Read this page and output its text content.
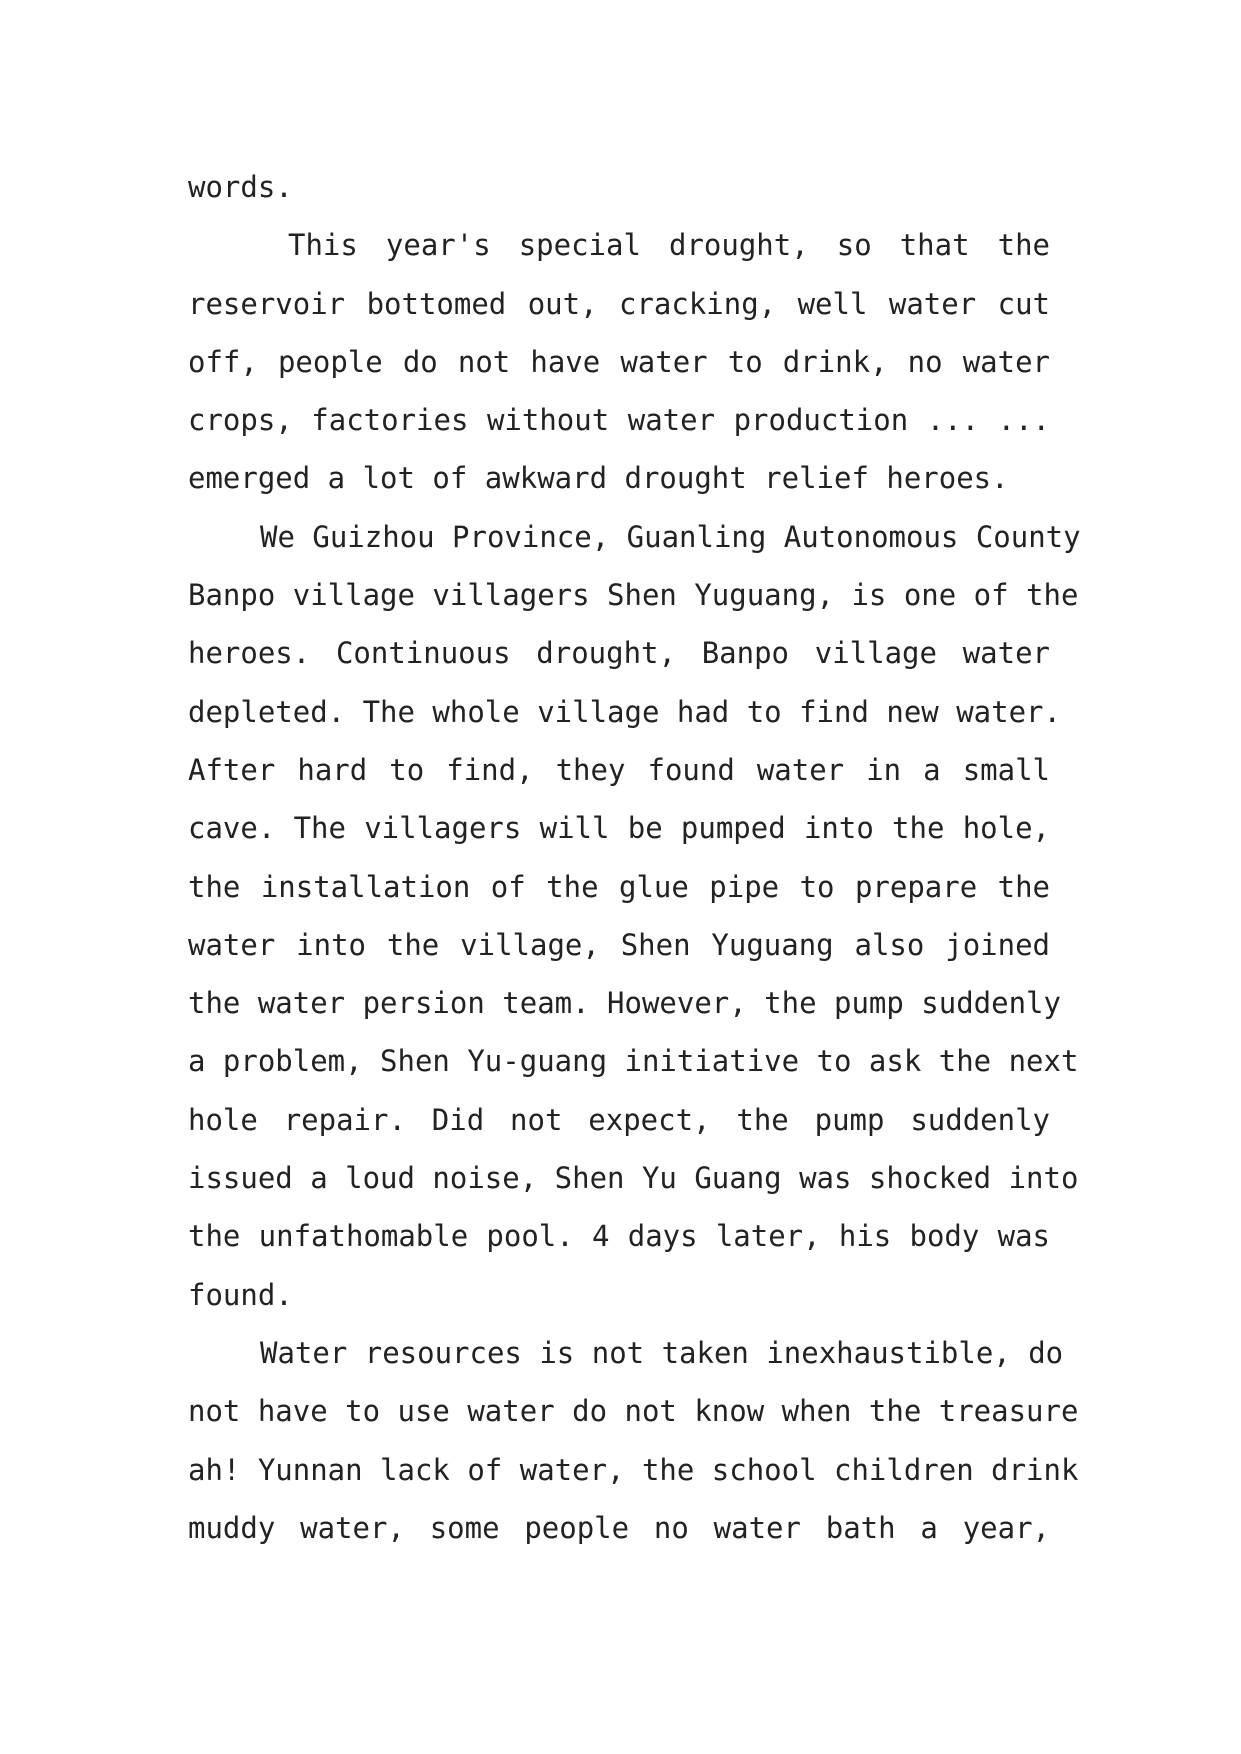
words.
This year's special drought, so that the
reservoir bottomed out, cracking, well water cut
off, people do not have water to drink, no water
crops, factories without water production ... ...
emerged a lot of awkward drought relief heroes.
We Guizhou Province, Guanling Autonomous County
Banpo village villagers Shen Yuguang, is one of the
heroes. Continuous drought, Banpo village water
depleted. The whole village had to find new water.
After hard to find, they found water in a small
cave. The villagers will be pumped into the hole,
the installation of the glue pipe to prepare the
water into the village, Shen Yuguang also joined
the water persion team. However, the pump suddenly
a problem, Shen Yu-guang initiative to ask the next
hole repair. Did not expect, the pump suddenly
issued a loud noise, Shen Yu Guang was shocked into
the unfathomable pool. 4 days later, his body was
found.
Water resources is not taken inexhaustible, do
not have to use water do not know when the treasure
ah! Yunnan lack of water, the school children drink
muddy water, some people no water bath a year,
